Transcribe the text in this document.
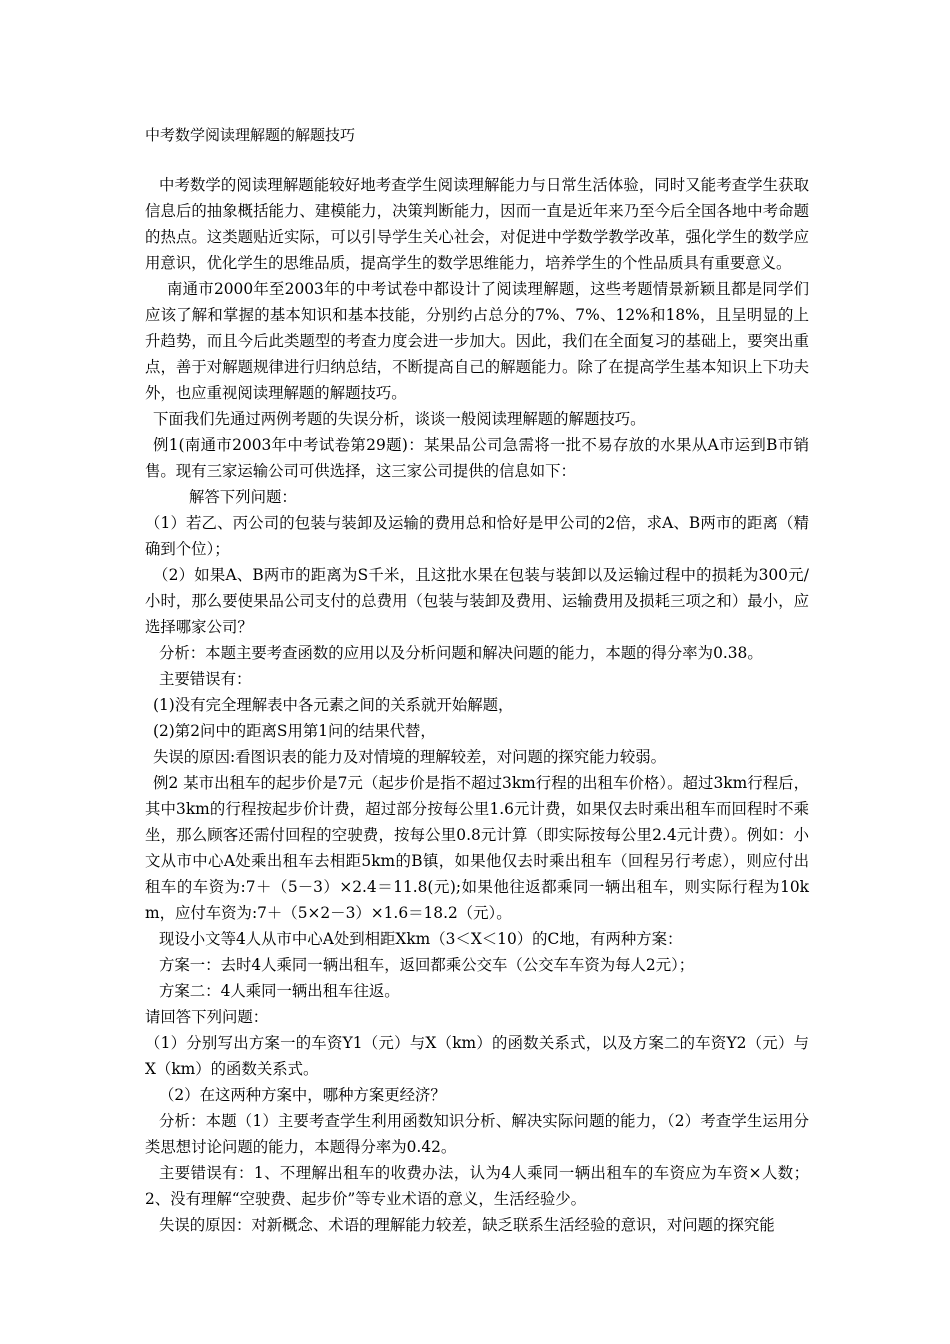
中考数学阅读理解题的解题技巧

中考数学的阅读理解题能较好地考查学生阅读理解能力与日常生活体验，同时又能考查学生获取信息后的抽象概括能力、建模能力，决策判断能力，因而一直是近年来乃至今后全国各地中考命题的热点。这类题贴近实际，可以引导学生关心社会，对促进中学数学教学改革，强化学生的数学应用意识，优化学生的思维品质，提高学生的数学思维能力，培养学生的个性品质具有重要意义。

南通市2000年至2003年的中考试卷中都设计了阅读理解题，这些考题情景新颖且都是同学们应该了解和掌握的基本知识和基本技能，分别约占总分的7%、7%、12%和18%，且呈明显的上升趋势，而且今后此类题型的考查力度会进一步加大。因此，我们在全面复习的基础上，要突出重点，善于对解题规律进行归纳总结，不断提高自己的解题能力。除了在提高学生基本知识上下功夫外，也应重视阅读理解题的解题技巧。

下面我们先通过两例考题的失误分析，谈谈一般阅读理解题的解题技巧。

例1(南通市2003年中考试卷第29题)：某果品公司急需将一批不易存放的水果从A市运到B市销售。现有三家运输公司可供选择，这三家公司提供的信息如下：

解答下列问题：

（1）若乙、丙公司的包装与装卸及运输的费用总和恰好是甲公司的2倍，求A、B两市的距离（精确到个位）；

（2）如果A、B两市的距离为S千米，且这批水果在包装与装卸以及运输过程中的损耗为300元/小时，那么要使果品公司支付的总费用（包装与装卸及费用、运输费用及损耗三项之和）最小，应选择哪家公司？

分析：本题主要考查函数的应用以及分析问题和解决问题的能力，本题的得分率为0.38。

主要错误有：

(1)没有完全理解表中各元素之间的关系就开始解题，

(2)第2问中的距离S用第1问的结果代替，

失误的原因:看图识表的能力及对情境的理解较差，对问题的探究能力较弱。

例2 某市出租车的起步价是7元（起步价是指不超过3km行程的出租车价格）。超过3km行程后，其中3km的行程按起步价计费，超过部分按每公里1.6元计费，如果仅去时乘出租车而回程时不乘坐，那么顾客还需付回程的空驶费，按每公里0.8元计算（即实际按每公里2.4元计费）。例如：小文从市中心A处乘出租车去相距5km的B镇，如果他仅去时乘出租车（回程另行考虑），则应付出租车的车资为:7＋（5－3）×2.4＝11.8(元);如果他往返都乘同一辆出租车，则实际行程为10km，应付车资为:7＋（5×2－3）×1.6＝18.2（元）。

现设小文等4人从市中心A处到相距Xkm（3＜X＜10）的C地，有两种方案：

方案一：去时4人乘同一辆出租车，返回都乘公交车（公交车车资为每人2元）；

方案二：4人乘同一辆出租车往返。

请回答下列问题：

（1）分别写出方案一的车资Y1（元）与X（km）的函数关系式，以及方案二的车资Y2（元）与X（km）的函数关系式。

（2）在这两种方案中，哪种方案更经济？

分析：本题（1）主要考查学生利用函数知识分析、解决实际问题的能力，（2）考查学生运用分类思想讨论问题的能力，本题得分率为0.42。

主要错误有：1、不理解出租车的收费办法，认为4人乘同一辆出租车的车资应为车资×人数；2、没有理解“空驶费、起步价”等专业术语的意义，生活经验少。

失误的原因：对新概念、术语的理解能力较差，缺乏联系生活经验的意识，对问题的探究能
